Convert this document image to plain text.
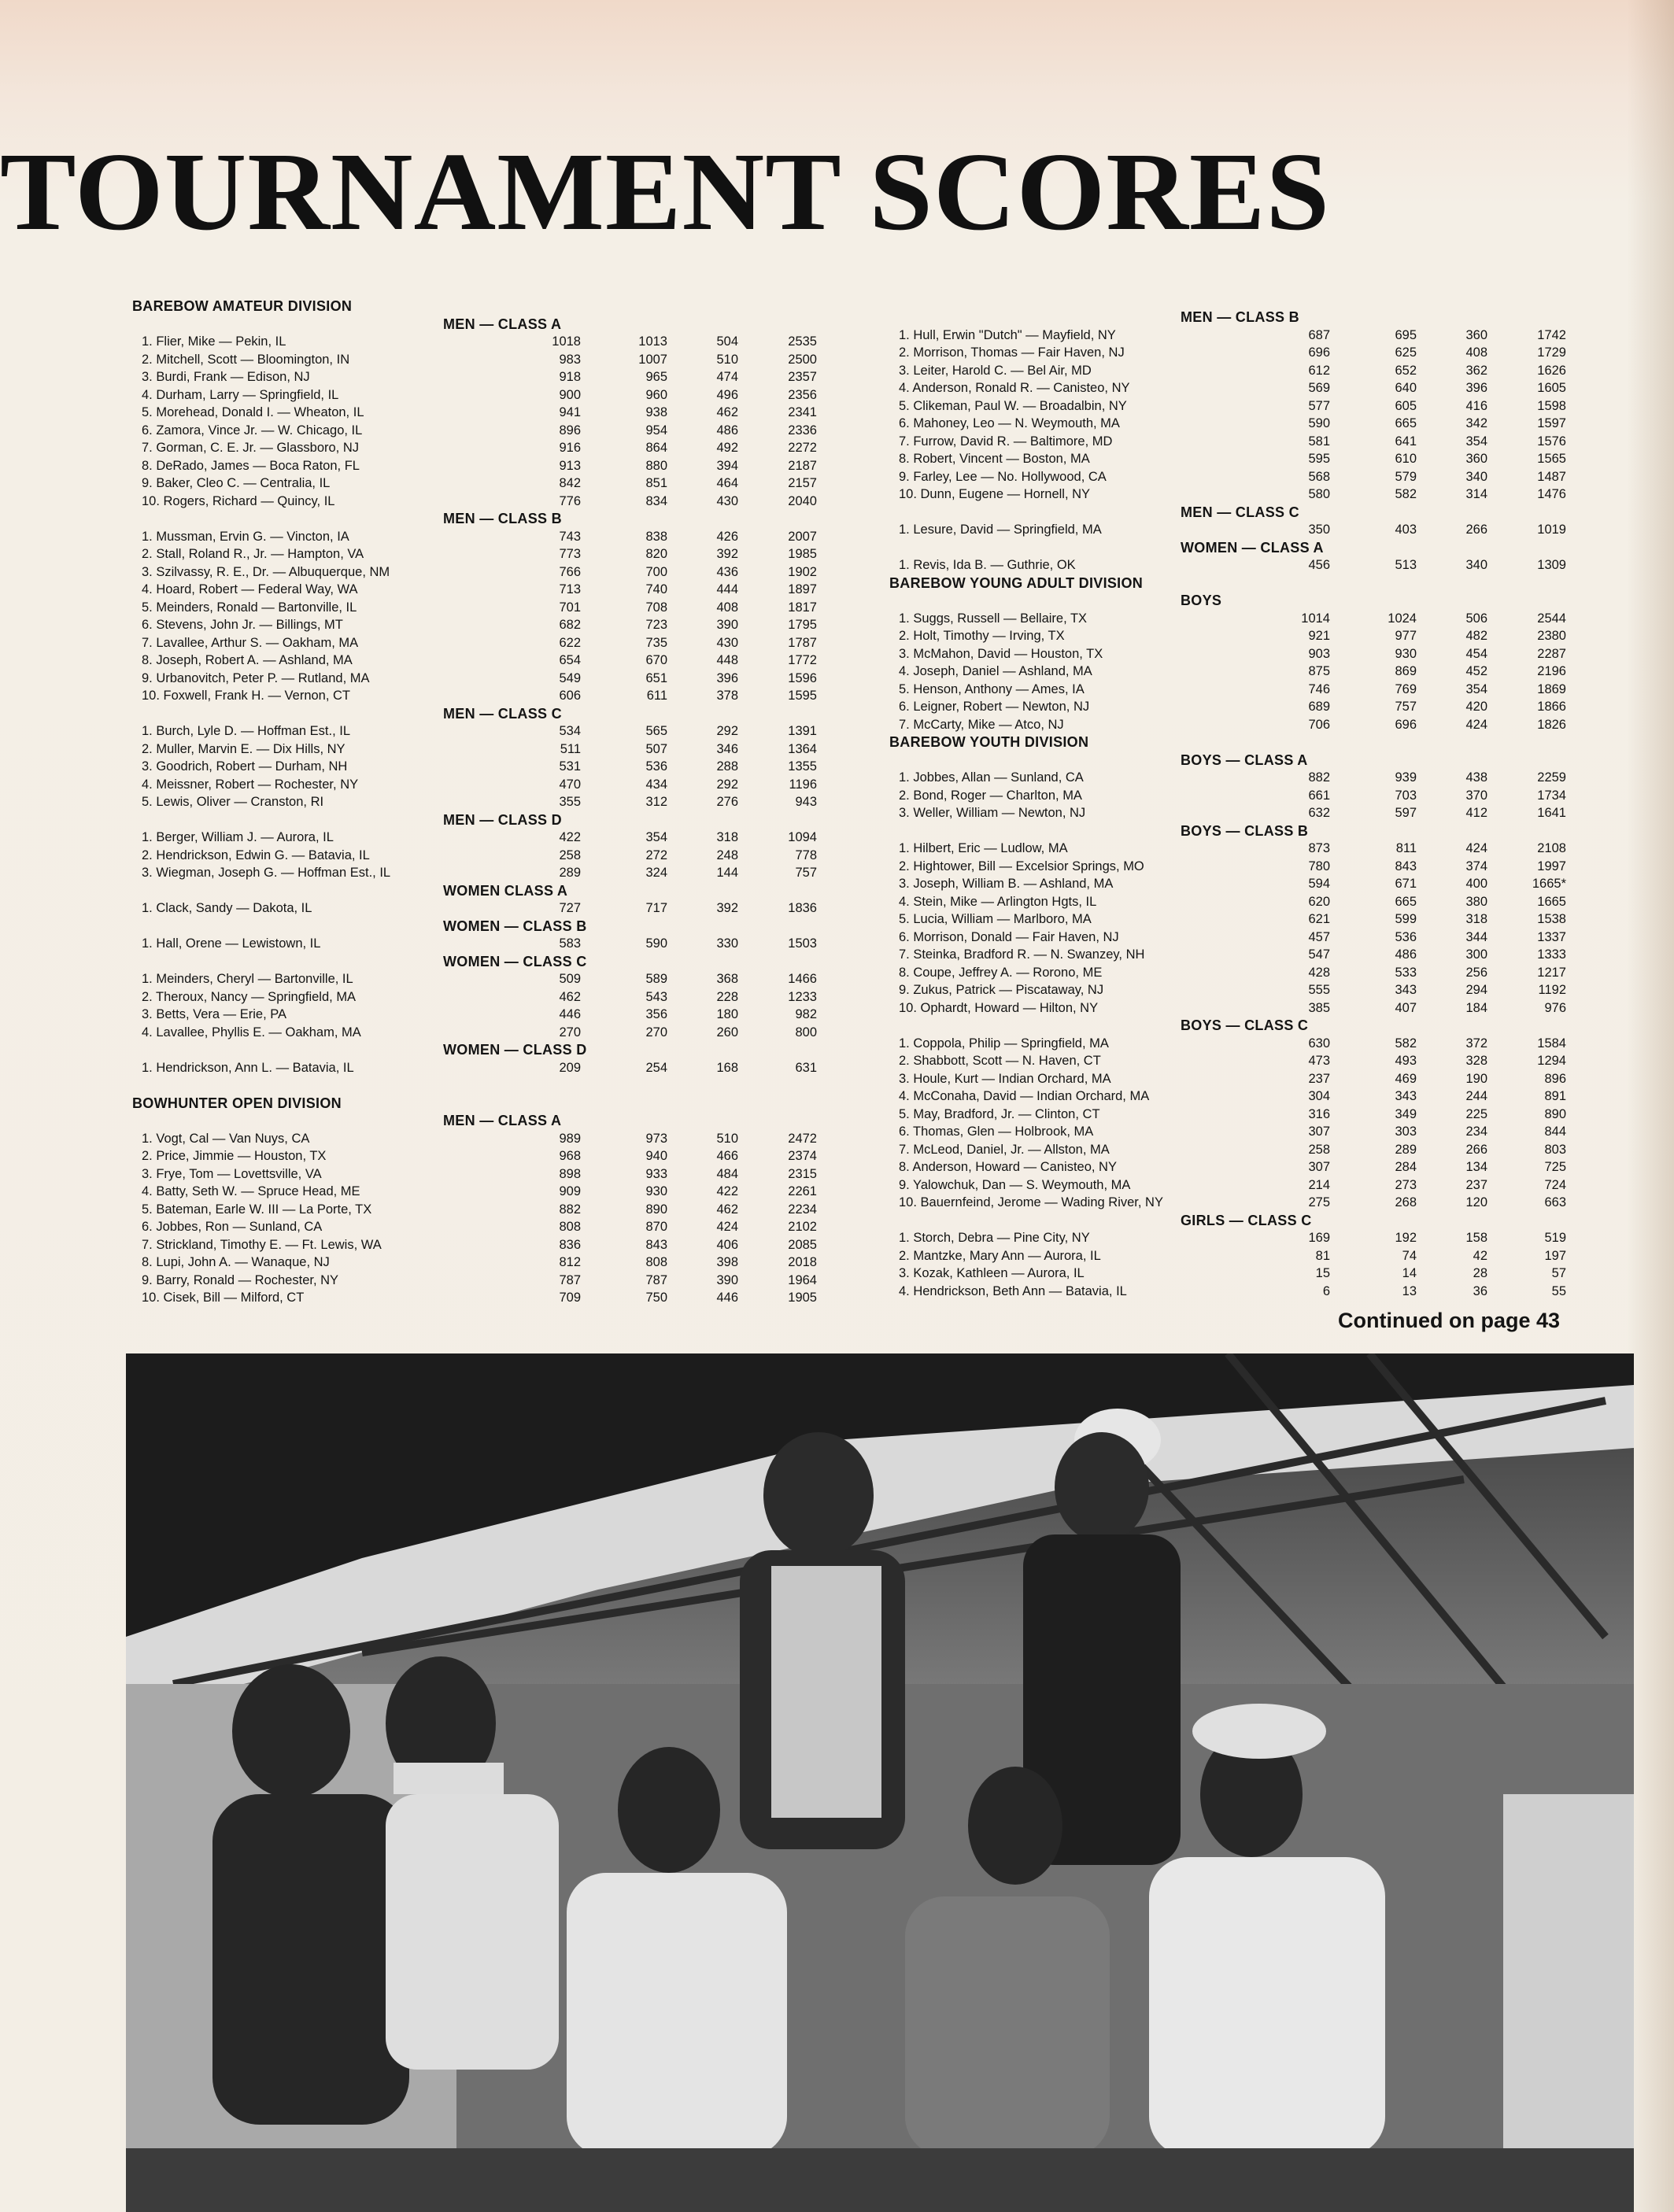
TOURNAMENT SCORES
BAREBOW AMATEUR DIVISION
MEN — CLASS A
1. Flier, Mike — Pekin, IL	1018	1013	504	2535
2. Mitchell, Scott — Bloomington, IN	983	1007	510	2500
3. Burdi, Frank — Edison, NJ	918	965	474	2357
4. Durham, Larry — Springfield, IL	900	960	496	2356
5. Morehead, Donald I. — Wheaton, IL	941	938	462	2341
6. Zamora, Vince Jr. — W. Chicago, IL	896	954	486	2336
7. Gorman, C. E. Jr. — Glassboro, NJ	916	864	492	2272
8. DeRado, James — Boca Raton, FL	913	880	394	2187
9. Baker, Cleo C. — Centralia, IL	842	851	464	2157
10. Rogers, Richard — Quincy, IL	776	834	430	2040
MEN — CLASS B
1. Mussman, Ervin G. — Vincton, IA	743	838	426	2007
2. Stall, Roland R., Jr. — Hampton, VA	773	820	392	1985
3. Szilvassy, R. E., Dr. — Albuquerque, NM	766	700	436	1902
4. Hoard, Robert — Federal Way, WA	713	740	444	1897
5. Meinders, Ronald — Bartonville, IL	701	708	408	1817
6. Stevens, John Jr. — Billings, MT	682	723	390	1795
7. Lavallee, Arthur S. — Oakham, MA	622	735	430	1787
8. Joseph, Robert A. — Ashland, MA	654	670	448	1772
9. Urbanovitch, Peter P. — Rutland, MA	549	651	396	1596
10. Foxwell, Frank H. — Vernon, CT	606	611	378	1595
MEN — CLASS C
1. Burch, Lyle D. — Hoffman Est., IL	534	565	292	1391
2. Muller, Marvin E. — Dix Hills, NY	511	507	346	1364
3. Goodrich, Robert — Durham, NH	531	536	288	1355
4. Meissner, Robert — Rochester, NY	470	434	292	1196
5. Lewis, Oliver — Cranston, RI	355	312	276	943
MEN — CLASS D
1. Berger, William J. — Aurora, IL	422	354	318	1094
2. Hendrickson, Edwin G. — Batavia, IL	258	272	248	778
3. Wiegman, Joseph G. — Hoffman Est., IL	289	324	144	757
WOMEN CLASS A
1. Clack, Sandy — Dakota, IL	727	717	392	1836
WOMEN — CLASS B
1. Hall, Orene — Lewistown, IL	583	590	330	1503
WOMEN — CLASS C
1. Meinders, Cheryl — Bartonville, IL	509	589	368	1466
2. Theroux, Nancy — Springfield, MA	462	543	228	1233
3. Betts, Vera — Erie, PA	446	356	180	982
4. Lavallee, Phyllis E. — Oakham, MA	270	270	260	800
WOMEN — CLASS D
1. Hendrickson, Ann L. — Batavia, IL	209	254	168	631
BOWHUNTER OPEN DIVISION
MEN — CLASS A
1. Vogt, Cal — Van Nuys, CA	989	973	510	2472
2. Price, Jimmie — Houston, TX	968	940	466	2374
3. Frye, Tom — Lovettsville, VA	898	933	484	2315
4. Batty, Seth W. — Spruce Head, ME	909	930	422	2261
5. Bateman, Earle W. III — La Porte, TX	882	890	462	2234
6. Jobbes, Ron — Sunland, CA	808	870	424	2102
7. Strickland, Timothy E. — Ft. Lewis, WA	836	843	406	2085
8. Lupi, John A. — Wanaque, NJ	812	808	398	2018
9. Barry, Ronald — Rochester, NY	787	787	390	1964
10. Cisek, Bill — Milford, CT	709	750	446	1905
MEN — CLASS B
1. Hull, Erwin "Dutch" — Mayfield, NY	687	695	360	1742
2. Morrison, Thomas — Fair Haven, NJ	696	625	408	1729
3. Leiter, Harold C. — Bel Air, MD	612	652	362	1626
4. Anderson, Ronald R. — Canisteo, NY	569	640	396	1605
5. Clikeman, Paul W. — Broadalbin, NY	577	605	416	1598
6. Mahoney, Leo — N. Weymouth, MA	590	665	342	1597
7. Furrow, David R. — Baltimore, MD	581	641	354	1576
8. Robert, Vincent — Boston, MA	595	610	360	1565
9. Farley, Lee — No. Hollywood, CA	568	579	340	1487
10. Dunn, Eugene — Hornell, NY	580	582	314	1476
MEN — CLASS C
1. Lesure, David — Springfield, MA	350	403	266	1019
WOMEN — CLASS A
1. Revis, Ida B. — Guthrie, OK	456	513	340	1309
BAREBOW YOUNG ADULT DIVISION
BOYS
1. Suggs, Russell — Bellaire, TX	1014	1024	506	2544
2. Holt, Timothy — Irving, TX	921	977	482	2380
3. McMahon, David — Houston, TX	903	930	454	2287
4. Joseph, Daniel — Ashland, MA	875	869	452	2196
5. Henson, Anthony — Ames, IA	746	769	354	1869
6. Leigner, Robert — Newton, NJ	689	757	420	1866
7. McCarty, Mike — Atco, NJ	706	696	424	1826
BAREBOW YOUTH DIVISION
BOYS — CLASS A
1. Jobbes, Allan — Sunland, CA	882	939	438	2259
2. Bond, Roger — Charlton, MA	661	703	370	1734
3. Weller, William — Newton, NJ	632	597	412	1641
BOYS — CLASS B
1. Hilbert, Eric — Ludlow, MA	873	811	424	2108
2. Hightower, Bill — Excelsior Springs, MO	780	843	374	1997
3. Joseph, William B. — Ashland, MA	594	671	400	1665*
4. Stein, Mike — Arlington Hgts, IL	620	665	380	1665
5. Lucia, William — Marlboro, MA	621	599	318	1538
6. Morrison, Donald — Fair Haven, NJ	457	536	344	1337
7. Steinka, Bradford R. — N. Swanzey, NH	547	486	300	1333
8. Coupe, Jeffrey A. — Rorono, ME	428	533	256	1217
9. Zukus, Patrick — Piscataway, NJ	555	343	294	1192
10. Ophardt, Howard — Hilton, NY	385	407	184	976
BOYS — CLASS C
1. Coppola, Philip — Springfield, MA	630	582	372	1584
2. Shabbott, Scott — N. Haven, CT	473	493	328	1294
3. Houle, Kurt — Indian Orchard, MA	237	469	190	896
4. McConaha, David — Indian Orchard, MA	304	343	244	891
5. May, Bradford, Jr. — Clinton, CT	316	349	225	890
6. Thomas, Glen — Holbrook, MA	307	303	234	844
7. McLeod, Daniel, Jr. — Allston, MA	258	289	266	803
8. Anderson, Howard — Canisteo, NY	307	284	134	725
9. Yalowchuk, Dan — S. Weymouth, MA	214	273	237	724
10. Bauernfeind, Jerome — Wading River, NY	275	268	120	663
GIRLS — CLASS C
1. Storch, Debra — Pine City, NY	169	192	158	519
2. Mantzke, Mary Ann — Aurora, IL	81	74	42	197
3. Kozak, Kathleen — Aurora, IL	15	14	28	57
4. Hendrickson, Beth Ann — Batavia, IL	6	13	36	55
Continued on page 43
